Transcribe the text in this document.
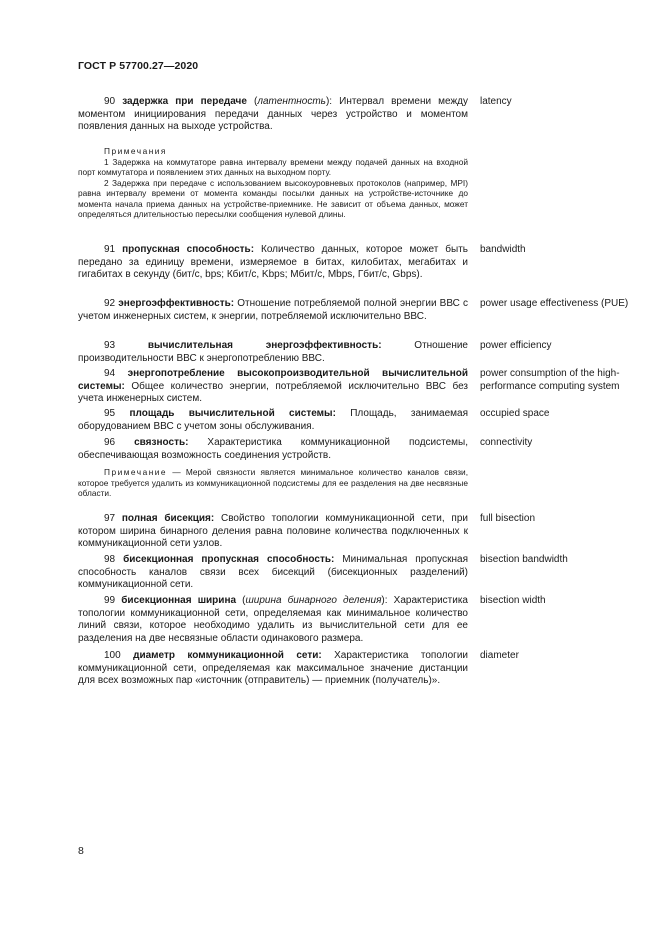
ГОСТ Р 57700.27—2020

90 задержка при передаче (латентность): Интервал времени между моментом инициирования передачи данных через устройство и моментом появления данных на выходе устройства.

latency

Примечания

1 Задержка на коммутаторе равна интервалу времени между подачей данных на входной порт коммутатора и появлением этих данных на выходном порту.

2 Задержка при передаче с использованием высокоуровневых протоколов (например, MPI) равна интервалу времени от момента команды посылки данных на устройстве-источнике до момента начала приема данных на устройстве-приемнике. Не зависит от объема данных, может определяться длительностью пересылки сообщения нулевой длины.

91 пропускная способность: Количество данных, которое может быть передано за единицу времени, измеряемое в битах, килобитах, мегабитах и гигабитах в секунду (бит/с, bps; Кбит/с, Kbps; Мбит/с, Mbps, Гбит/с, Gbps).

bandwidth

92 энергоэффективность: Отношение потребляемой полной энергии ВВС с учетом инженерных систем, к энергии, потребляемой исключительно ВВС.

power usage effectiveness (PUE)

93	вычислительная энергоэффективность: Отношение производительности ВВС к энергопотреблению ВВС.

power efficiency

94 энергопотребление высокопроизводительной вычислительной системы: Общее количество энергии, потребляемой исключительно ВВС без учета инженерных систем.

power consumption of the high-performance computing system

95 площадь вычислительной системы: Площадь, занимаемая оборудованием ВВС с учетом зоны обслуживания.

occupied space

96 связность: Характеристика коммуникационной подсистемы, обеспечивающая возможность соединения устройств.

connectivity

Примечание — Мерой связности является минимальное количество каналов связи, которое требуется удалить из коммуникационной подсистемы для ее разделения на две несвязные области.

97 полная бисекция: Свойство топологии коммуникационной сети, при котором ширина бинарного деления равна половине количества подключенных к коммуникационной сети узлов.

full bisection

98 бисекционная пропускная способность: Минимальная пропускная способность каналов связи всех бисекций (бисекционных разделений) коммуникационной сети.

bisection bandwidth

99 бисекционная ширина (ширина бинарного деления): Характеристика топологии коммуникационной сети, определяемая как минимальное количество линий связи, которое необходимо удалить из вычислительной сети для ее разделения на две несвязные области одинакового размера.

bisection width

100 диаметр коммуникационной сети: Характеристика топологии коммуникационной сети, определяемая как максимальное значение дистанции для всех возможных пар «источник (отправитель) — приемник (получатель)».

diameter
8
